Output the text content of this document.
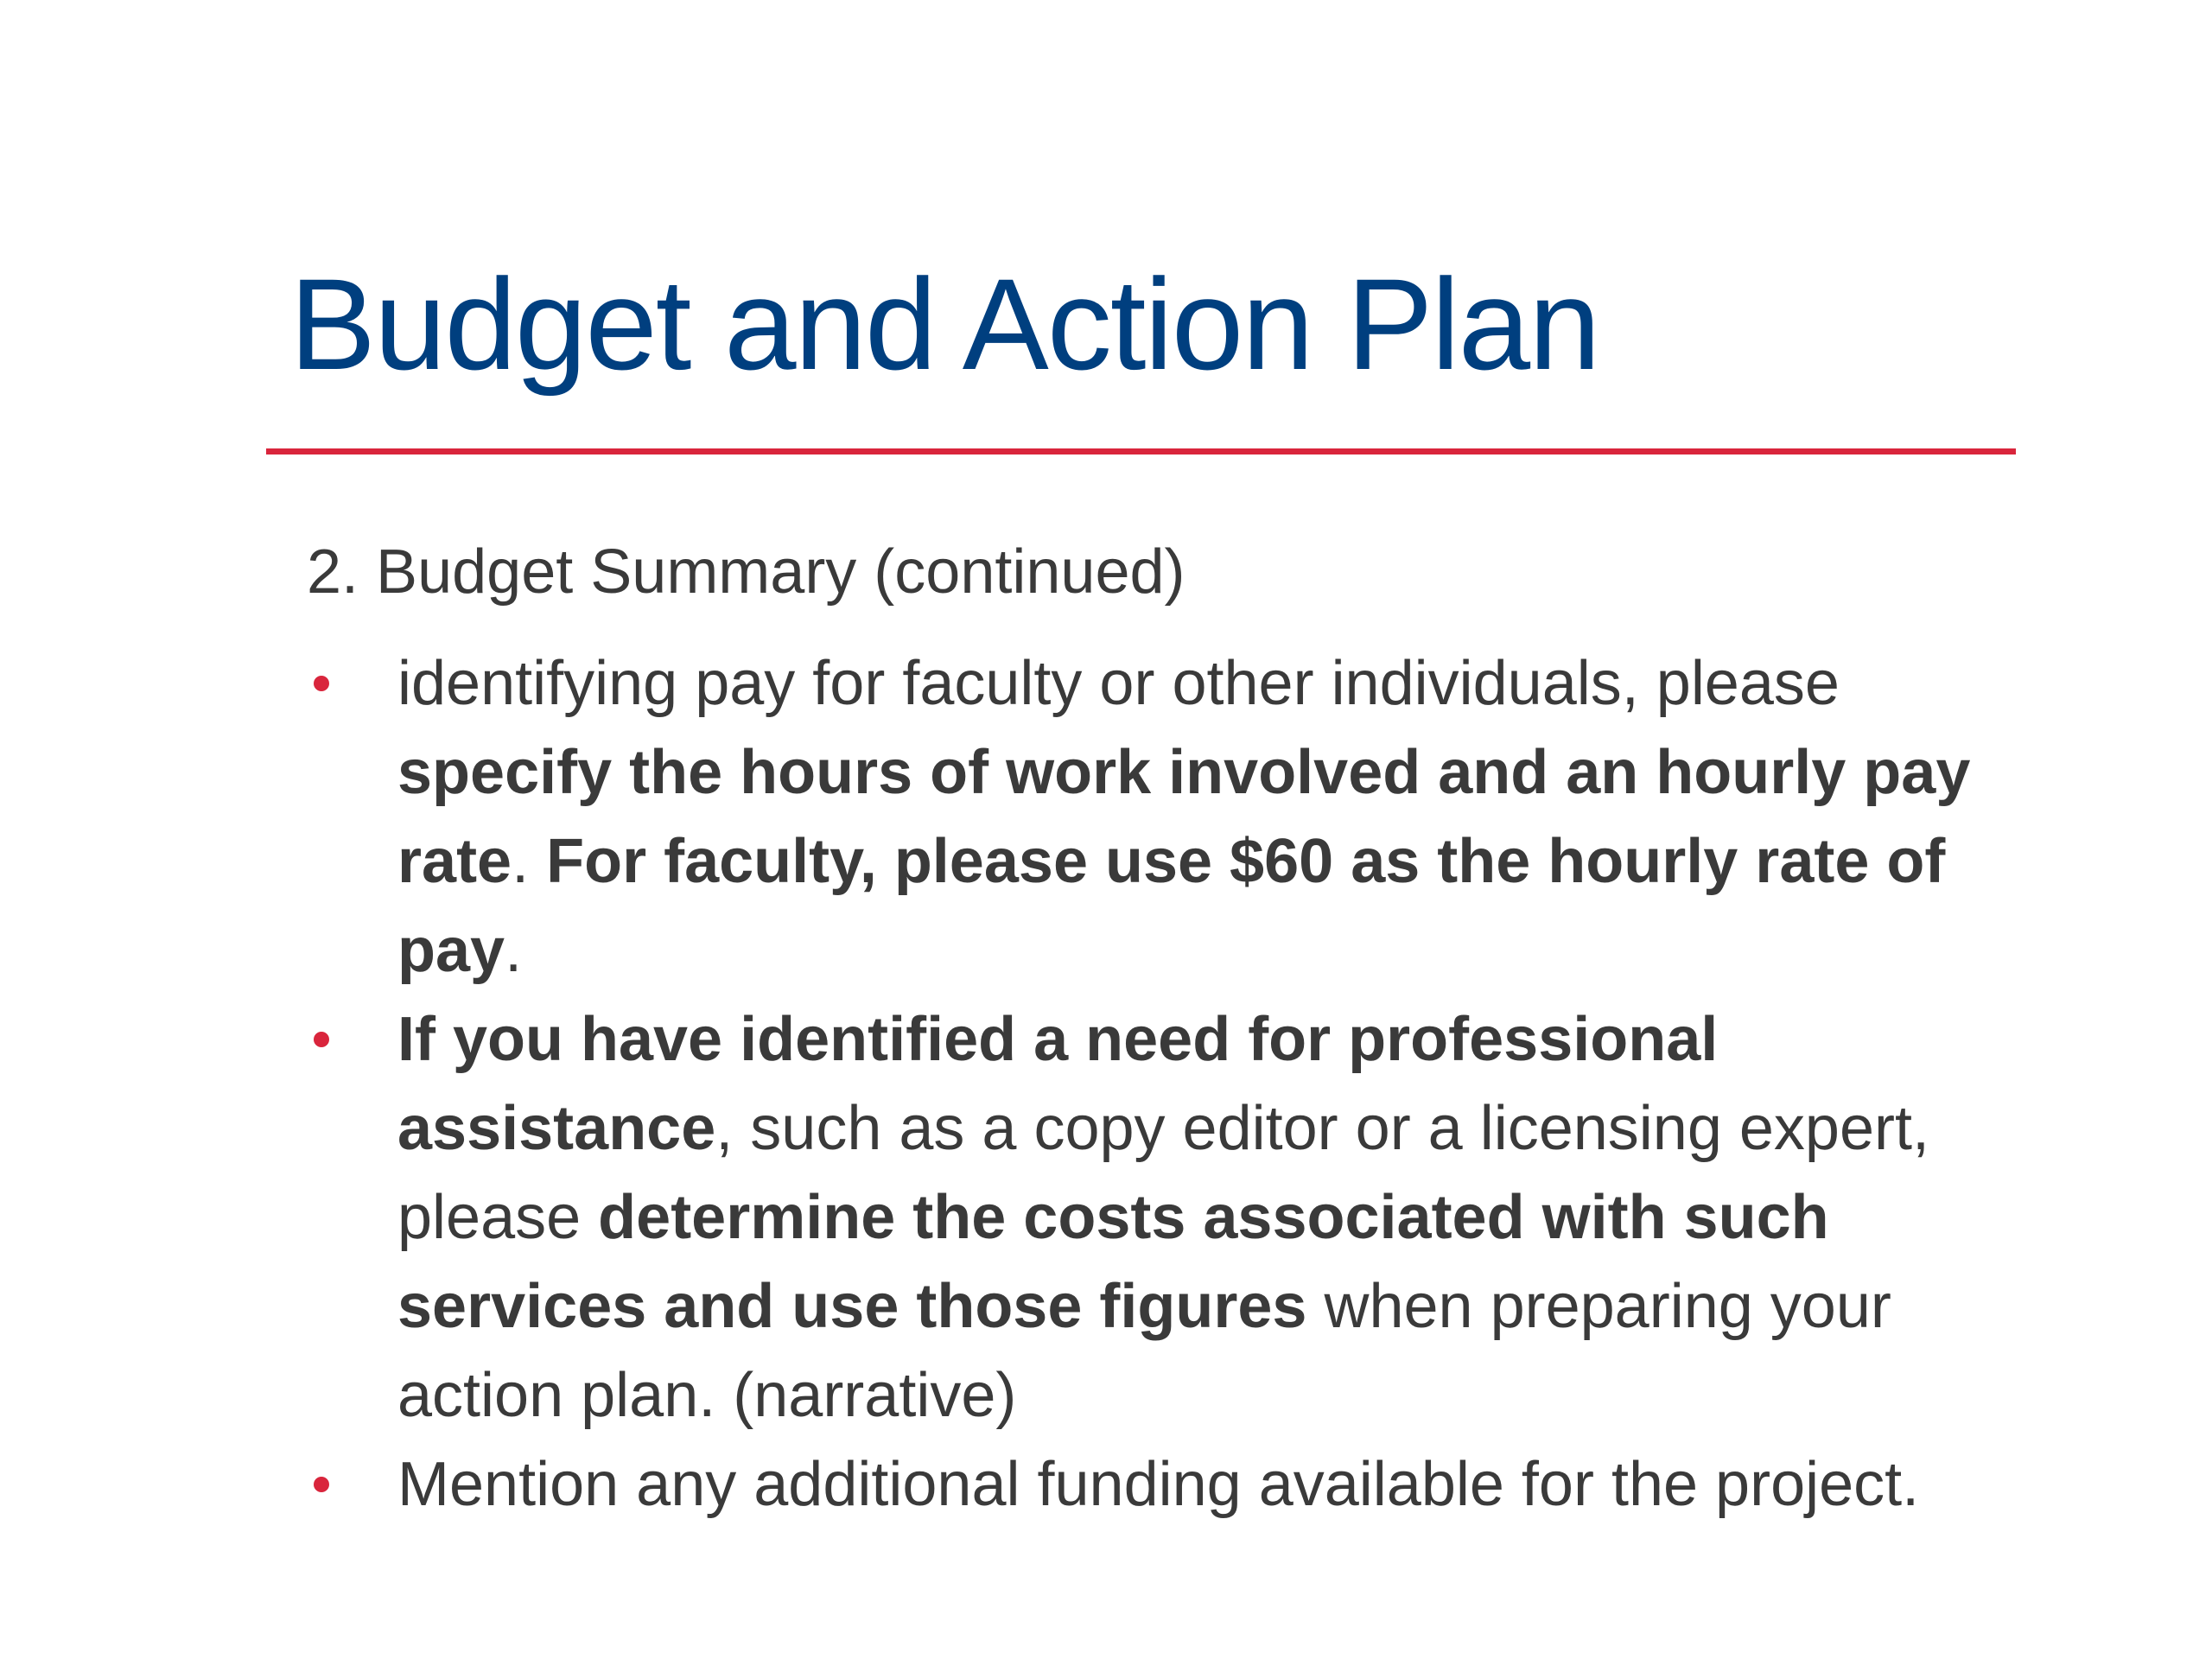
Budget and Action Plan

2. Budget Summary (continued)

identifying pay for faculty or other individuals, please specify the hours of work involved and an hourly pay rate. For faculty, please use $60 as the hourly rate of pay.
If you have identified a need for professional assistance, such as a copy editor or a licensing expert, please determine the costs associated with such services and use those figures when preparing your action plan. (narrative)
Mention any additional funding available for the project.
